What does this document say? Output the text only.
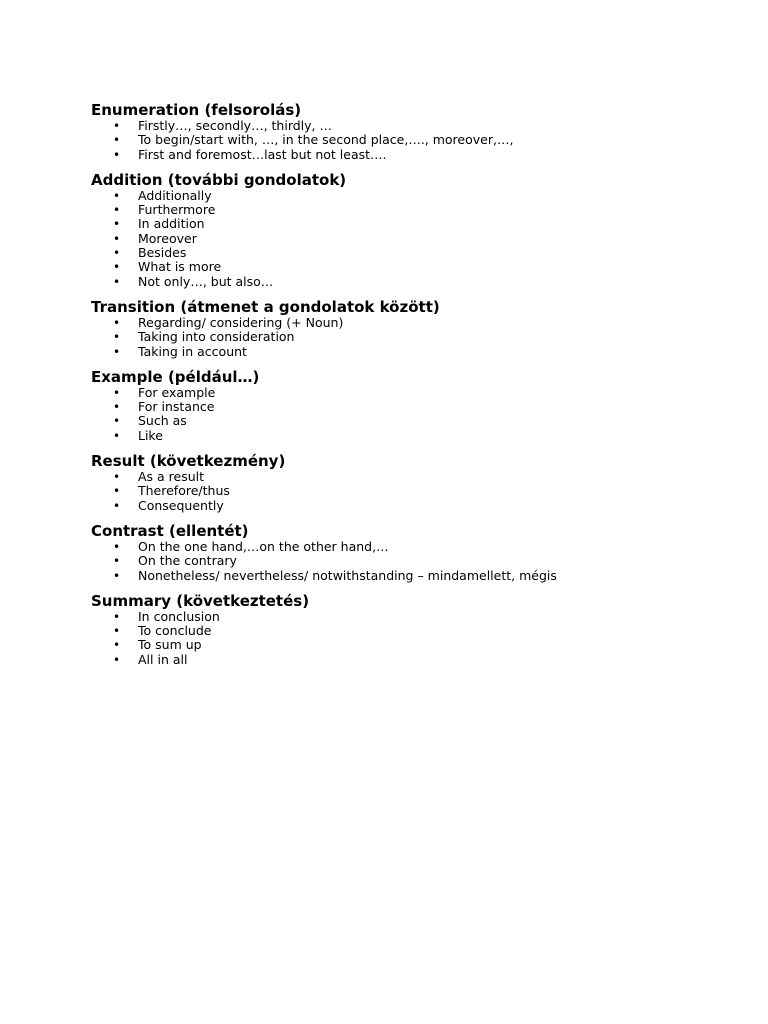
Enumeration (felsorolás)
• Firstly…, secondly…, thirdly, …
• To begin/start with, …, in the second place,…., moreover,…,
• First and foremost…last but not least….
Addition (további gondolatok)
• Additionally
• Furthermore
• In addition
• Moreover
• Besides
• What is more
• Not only…, but also…
Transition (átmenet a gondolatok között)
• Regarding/ considering (+ Noun)
• Taking into consideration
• Taking in account
Example (például…)
• For example
• For instance
• Such as
• Like
Result (következmény)
• As a result
• Therefore/thus
• Consequently
Contrast (ellentét)
• On the one hand,…on the other hand,…
• On the contrary
• Nonetheless/ nevertheless/ notwithstanding – mindamellett, mégis
Summary (következtetés)
• In conclusion
• To conclude
• To sum up
• All in all
